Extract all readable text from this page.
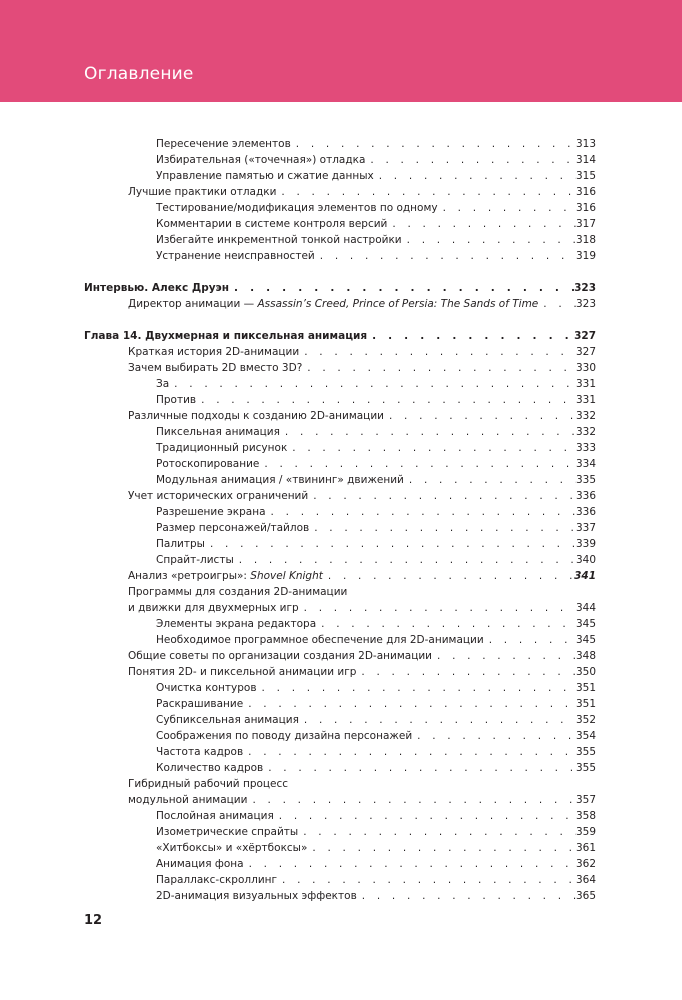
Оглавление
Пересечение элементов . . .	313
Избирательная («точечная») отладка . . .	314
Управление памятью и сжатие данных . . .	315
Лучшие практики отладки . . .	316
Тестирование/модификация элементов по одному . . .	316
Комментарии в системе контроля версий . . .	317
Избегайте инкрементной тонкой настройки . . .	318
Устранение неисправностей . . .	319
Интервью. Алекс Друэн . . .	323
Директор анимации — Assassin’s Creed, Prince of Persia: The Sands of Time . . .	323
Глава 14. Двухмерная и пиксельная анимация . . .	327
Краткая история 2D-анимации . . .	327
Зачем выбирать 2D вместо 3D? . . .	330
За . . .	331
Против . . .	331
Различные подходы к созданию 2D-анимации . . .	332
Пиксельная анимация . . .	332
Традиционный рисунок . . .	333
Ротоскопирование . . .	334
Модульная анимация / «твининг» движений . . .	335
Учет исторических ограничений . . .	336
Разрешение экрана . . .	336
Размер персонажей/тайлов . . .	337
Палитры . . .	339
Спрайт-листы . . .	340
Анализ «ретроигры»: Shovel Knight . . .	341
Программы для создания 2D-анимации
и движки для двухмерных игр . . .	344
Элементы экрана редактора . . .	345
Необходимое программное обеспечение для 2D-анимации . . .	345
Общие советы по организации создания 2D-анимации . . .	348
Понятия 2D- и пиксельной анимации игр . . .	350
Очистка контуров . . .	351
Раскрашивание . . .	351
Субпиксельная анимация . . .	352
Соображения по поводу дизайна персонажей . . .	354
Частота кадров . . .	355
Количество кадров . . .	355
Гибридный рабочий процесс
модульной анимации . . .	357
Послойная анимация . . .	358
Изометрические спрайты . . .	359
«Хитбоксы» и «хёртбоксы» . . .	361
Анимация фона . . .	362
Параллакс-скроллинг . . .	364
2D-анимация визуальных эффектов . . .	365
12
